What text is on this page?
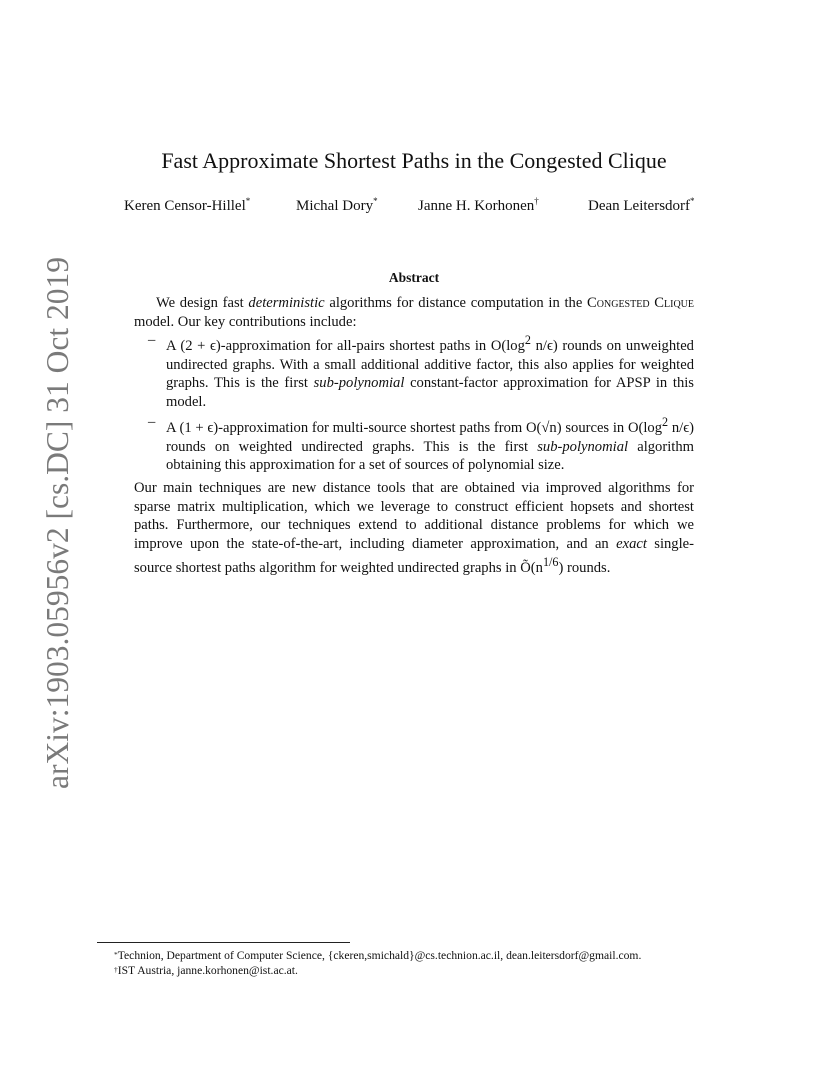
arXiv:1903.05956v2 [cs.DC] 31 Oct 2019
Fast Approximate Shortest Paths in the Congested Clique
Keren Censor-Hillel*	Michal Dory*	Janne H. Korhonen†	Dean Leitersdorf*
Abstract

We design fast deterministic algorithms for distance computation in the Congested Clique model. Our key contributions include:

– A (2 + ϵ)-approximation for all-pairs shortest paths in $O(\log^2$ n/ϵ) rounds on unweighted undirected graphs. With a small additional additive factor, this also applies for weighted graphs. This is the first sub-polynomial constant-factor approximation for APSP in this model.
– A (1 + ϵ)-approximation for multi-source shortest paths from O(√n) sources in $O(\log^2$ n/ϵ) rounds on weighted undirected graphs. This is the first sub-polynomial algorithm obtaining this approximation for a set of sources of polynomial size.

Our main techniques are new distance tools that are obtained via improved algorithms for sparse matrix multiplication, which we leverage to construct efficient hopsets and shortest paths. Furthermore, our techniques extend to additional distance problems for which we improve upon the state-of-the-art, including diameter approximation, and an exact single-source shortest paths algorithm for weighted undirected graphs in $Õ(n^{1/6})$ rounds.

*Technion, Department of Computer Science, {ckeren,smichald}@cs.technion.ac.il, dean.leitersdorf@gmail.com.
†IST Austria, janne.korhonen@ist.ac.at.
